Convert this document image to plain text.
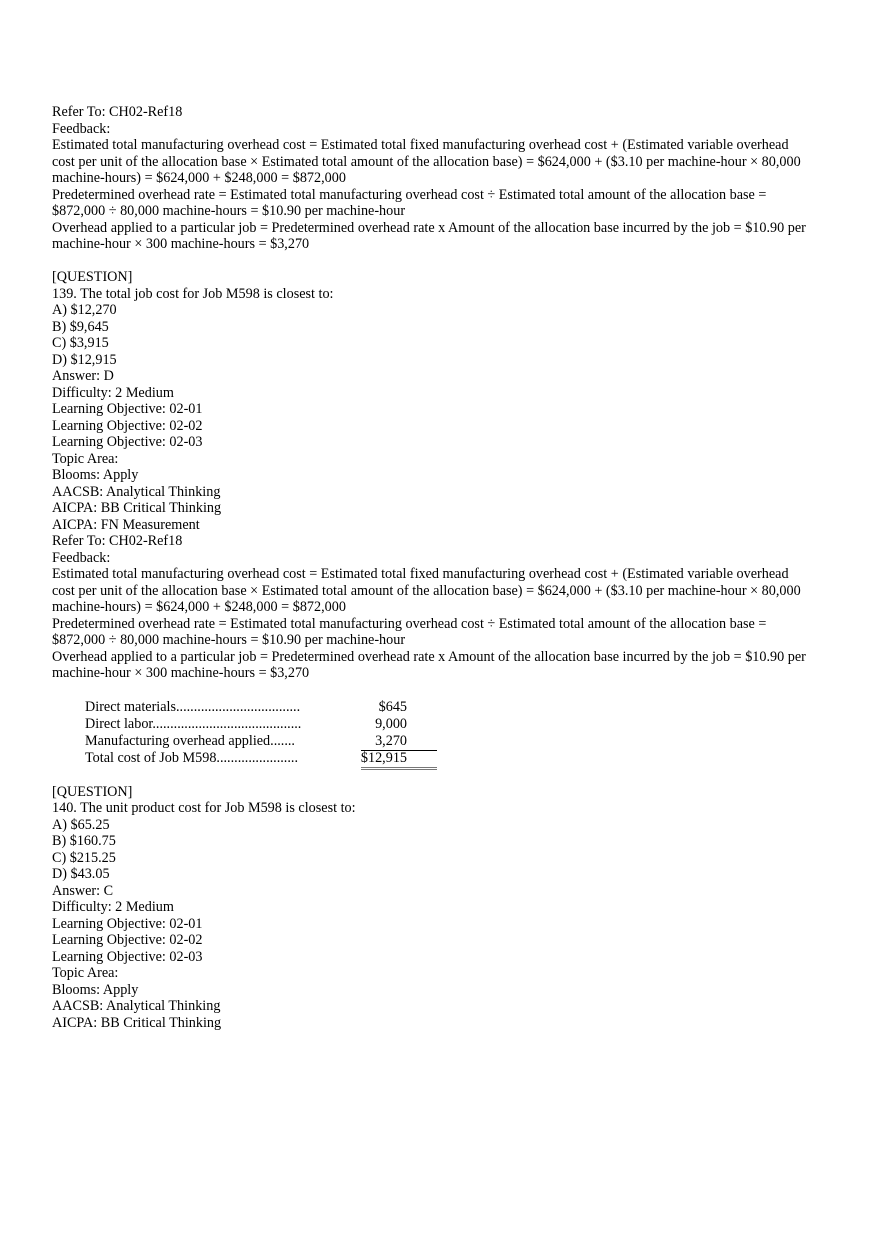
Refer To: CH02-Ref18
Feedback:
Estimated total manufacturing overhead cost = Estimated total fixed manufacturing overhead cost + (Estimated variable overhead cost per unit of the allocation base × Estimated total amount of the allocation base) = $624,000 + ($3.10 per machine-hour × 80,000 machine-hours) = $624,000 + $248,000 = $872,000
Predetermined overhead rate = Estimated total manufacturing overhead cost ÷ Estimated total amount of the allocation base = $872,000 ÷ 80,000 machine-hours = $10.90 per machine-hour
Overhead applied to a particular job = Predetermined overhead rate x Amount of the allocation base incurred by the job = $10.90 per machine-hour × 300 machine-hours = $3,270
[QUESTION]
139. The total job cost for Job M598 is closest to:
A) $12,270
B) $9,645
C) $3,915
D) $12,915
Answer: D
Difficulty: 2 Medium
Learning Objective: 02-01
Learning Objective: 02-02
Learning Objective: 02-03
Topic Area:
Blooms: Apply
AACSB: Analytical Thinking
AICPA: BB Critical Thinking
AICPA: FN Measurement
Refer To: CH02-Ref18
Feedback:
Estimated total manufacturing overhead cost = Estimated total fixed manufacturing overhead cost + (Estimated variable overhead cost per unit of the allocation base × Estimated total amount of the allocation base) = $624,000 + ($3.10 per machine-hour × 80,000 machine-hours) = $624,000 + $248,000 = $872,000
Predetermined overhead rate = Estimated total manufacturing overhead cost ÷ Estimated total amount of the allocation base = $872,000 ÷ 80,000 machine-hours = $10.90 per machine-hour
Overhead applied to a particular job = Predetermined overhead rate x Amount of the allocation base incurred by the job = $10.90 per machine-hour × 300 machine-hours = $3,270
Direct materials...................................	$645
Direct labor..........................................	9,000
Manufacturing overhead applied.......	3,270
Total cost of Job M598.......................	$12,915
[QUESTION]
140. The unit product cost for Job M598 is closest to:
A) $65.25
B) $160.75
C) $215.25
D) $43.05
Answer: C
Difficulty: 2 Medium
Learning Objective: 02-01
Learning Objective: 02-02
Learning Objective: 02-03
Topic Area:
Blooms: Apply
AACSB: Analytical Thinking
AICPA: BB Critical Thinking
